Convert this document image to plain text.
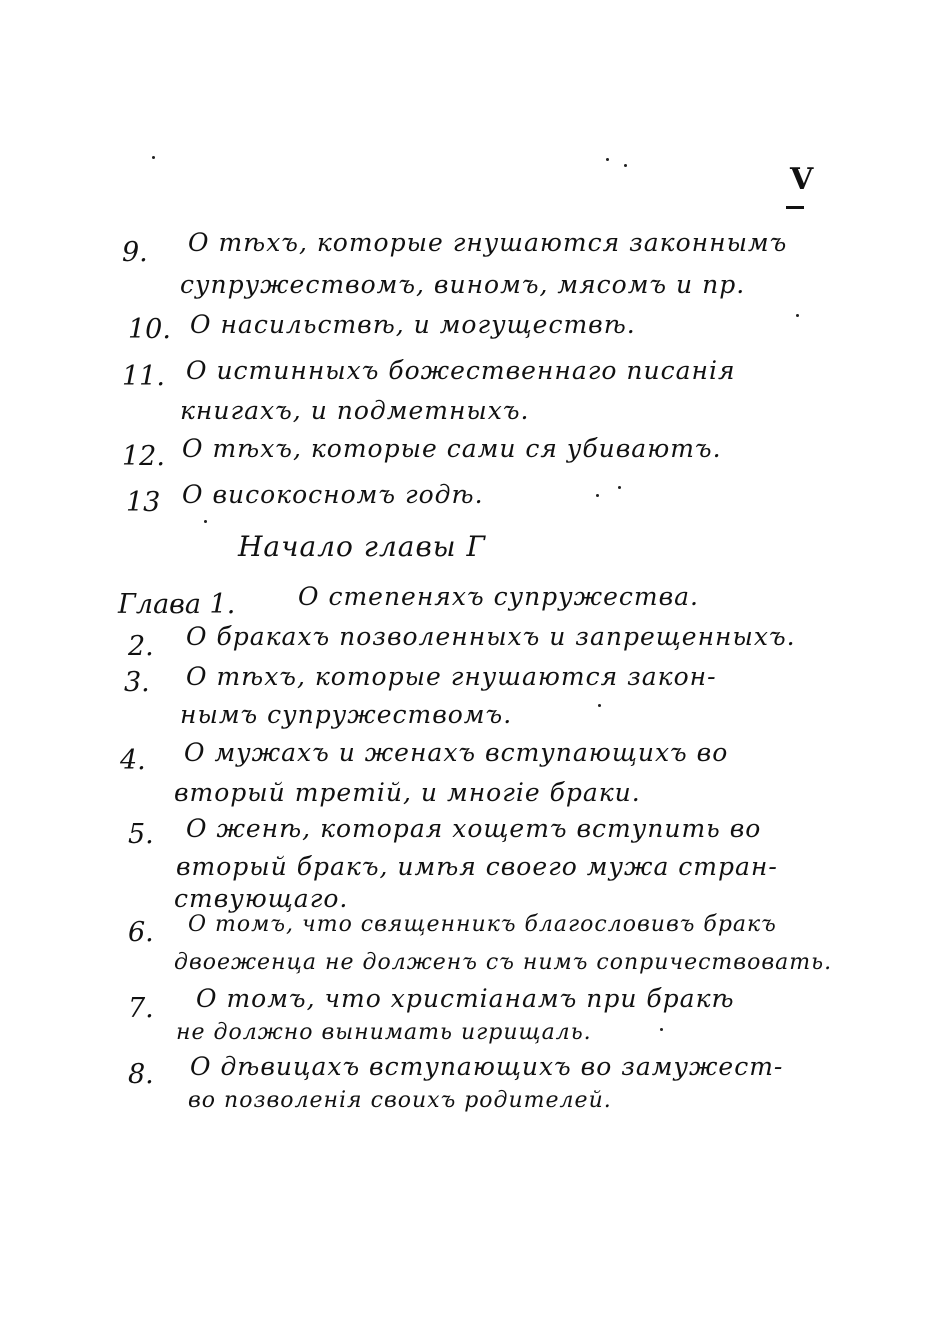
V
9. О тѣхъ, которые гнушаются законнымъ
супружествомъ, виномъ, мясомъ и пр.
10. О насильствѣ, и могуществѣ.
11. О истинныхъ божественнаго писанія
книгахъ, и подметныхъ.
12. О тѣхъ, которые сами ся убиваютъ.
13 О високосномъ годѣ.
Начало главы Г
Глава 1.	О степеняхъ супружества.
2. О бракахъ позволенныхъ и запрещенныхъ.
3. О тѣхъ, которые гнушаются закон-
нымъ супружествомъ.
4. О мужахъ и женахъ вступающихъ во
вторый третій, и многіе браки.
5. О женѣ, которая хощетъ вступить во
вторый бракъ, имѣя своего мужа стран-
ствующаго.
6. О томъ, что священникъ благословивъ бракъ
двоеженца не долженъ съ нимъ сопричествовать.
7. О томъ, что христіанамъ при бракѣ
не должно вынимать игрищаль.
8. О дѣвицахъ вступающихъ во замужест-
во позволенія своихъ родителей.
